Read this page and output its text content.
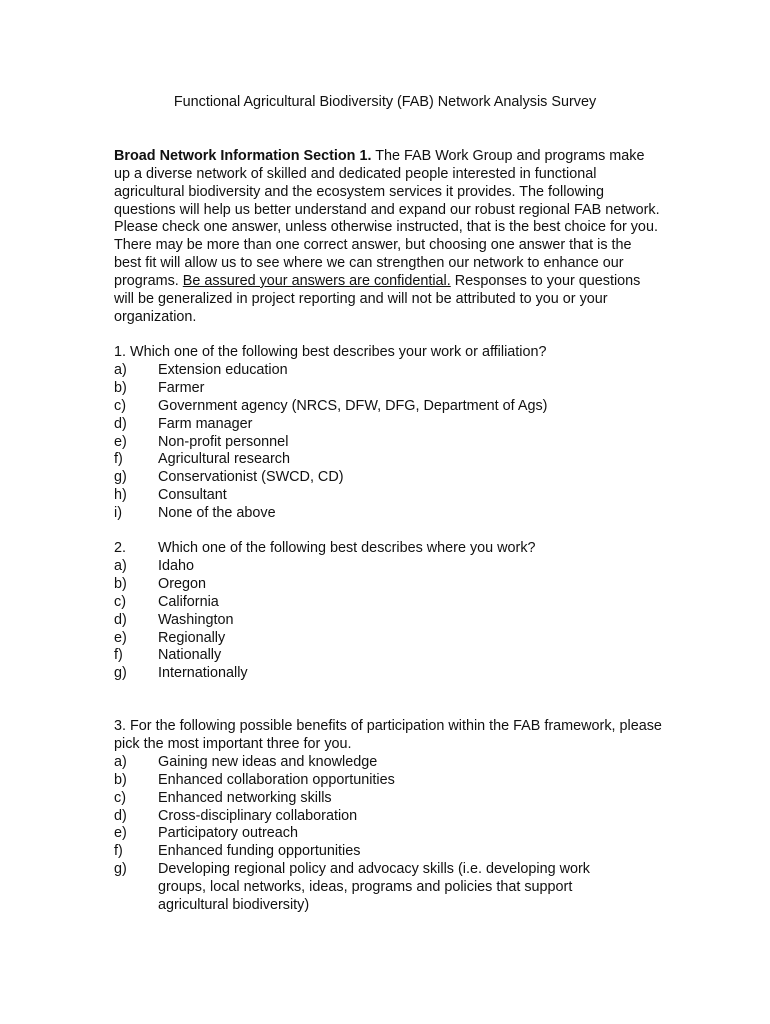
Functional Agricultural Biodiversity (FAB) Network Analysis Survey
Broad Network Information Section 1. The FAB Work Group and programs make up a diverse network of skilled and dedicated people interested in functional agricultural biodiversity and the ecosystem services it provides. The following questions will help us better understand and expand our robust regional FAB network. Please check one answer, unless otherwise instructed, that is the best choice for you. There may be more than one correct answer, but choosing one answer that is the best fit will allow us to see where we can strengthen our network to enhance our programs. Be assured your answers are confidential. Responses to your questions will be generalized in project reporting and will not be attributed to you or your organization.
1. Which one of the following best describes your work or affiliation?
a) Extension education
b) Farmer
c) Government agency (NRCS, DFW, DFG, Department of Ags)
d) Farm manager
e) Non-profit personnel
f) Agricultural research
g) Conservationist (SWCD, CD)
h) Consultant
i)	None of the above
2. Which one of the following best describes where you work?
a) Idaho
b) Oregon
c) California
d) Washington
e) Regionally
f) Nationally
g) Internationally
3. For the following possible benefits of participation within the FAB framework, please pick the most important three for you.
a) Gaining new ideas and knowledge
b) Enhanced collaboration opportunities
c) Enhanced networking skills
d) Cross-disciplinary collaboration
e) Participatory outreach
f) Enhanced funding opportunities
g) Developing regional policy and advocacy skills (i.e. developing work groups, local networks, ideas, programs and policies that support agricultural biodiversity)
